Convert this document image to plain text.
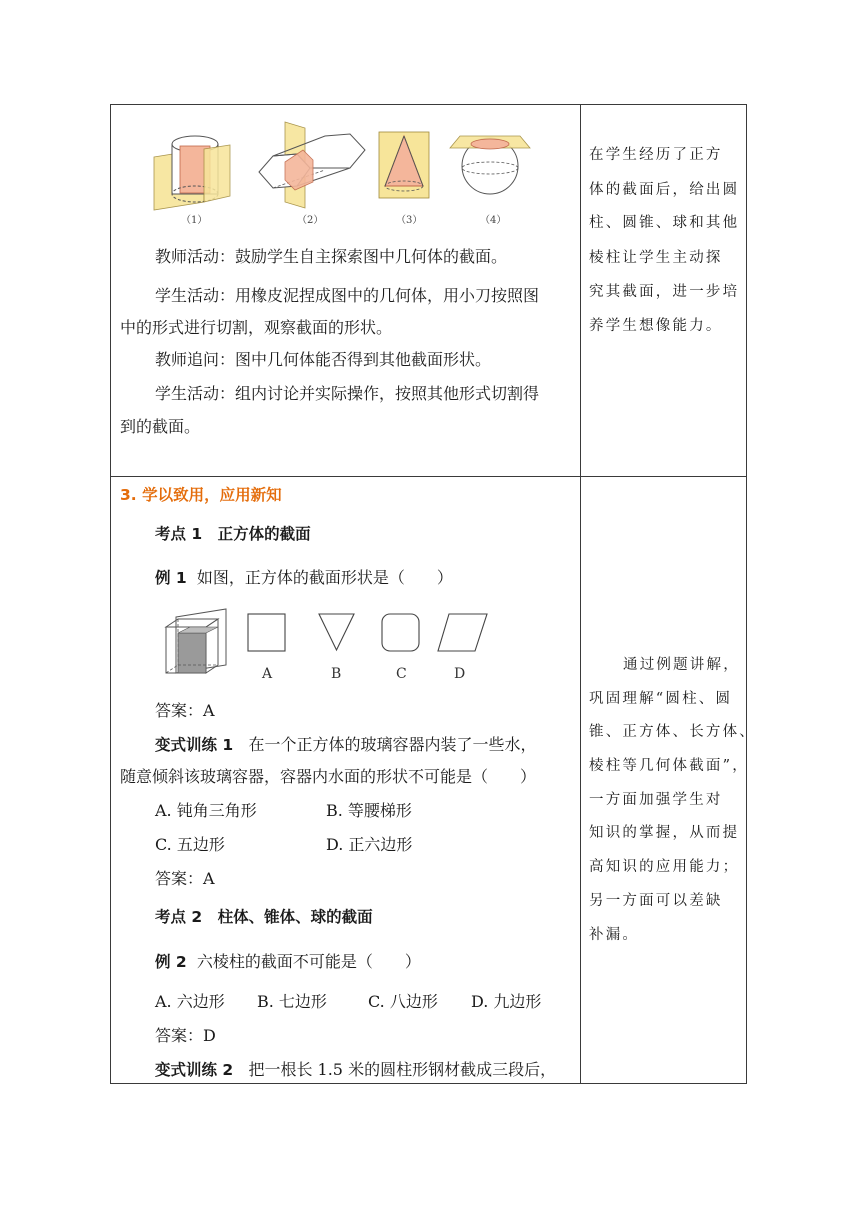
（1）	（2）	（3）	（4）
教师活动：鼓励学生自主探索图中几何体的截面。
学生活动：用橡皮泥捏成图中的几何体，用小刀按照图
中的形式进行切割，观察截面的形状。
教师追问：图中几何体能否得到其他截面形状。
学生活动：组内讨论并实际操作，按照其他形式切割得
到的截面。
在学生经历了正方
体的截面后，给出圆
柱、圆锥、球和其他
棱柱让学生主动探
究其截面，进一步培
养学生想像能力。
3. 学以致用，应用新知
考点 1　正方体的截面
例 1 如图，正方体的截面形状是（　　）
A	B	C	D
答案：A
变式训练 1 在一个正方体的玻璃容器内装了一些水，
随意倾斜该玻璃容器，容器内水面的形状不可能是（　　）
A. 钝角三角形	B. 等腰梯形
C. 五边形	D. 正六边形
答案：A
考点 2　柱体、锥体、球的截面
例 2 六棱柱的截面不可能是（　　）
A. 六边形 B. 七边形	C. 八边形 D. 九边形
答案：D
变式训练 2 把一根长 1.5 米的圆柱形钢材截成三段后，
通过例题讲解，
巩固理解“圆柱、圆
锥、正方体、长方体、
棱柱等几何体截面”，
一方面加强学生对
知识的掌握，从而提
高知识的应用能力；
另一方面可以差缺
补漏。
